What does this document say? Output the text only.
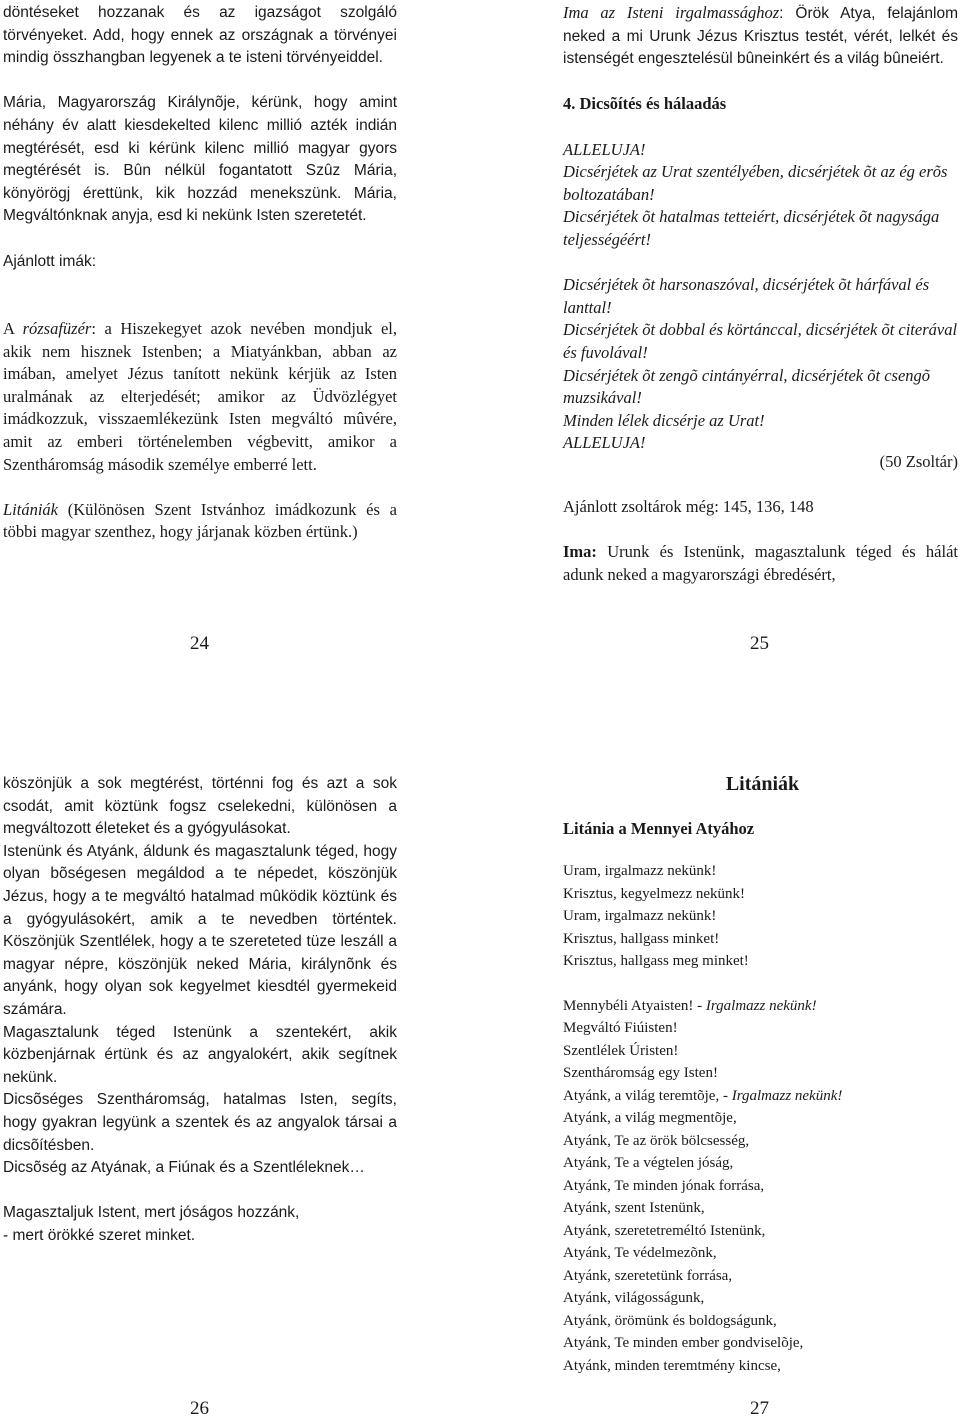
döntéseket hozzanak és az igazságot szolgáló törvényeket. Add, hogy ennek az országnak a törvényei mindig összhangban legyenek a te isteni törvényeiddel.

Mária, Magyarország Királynõje, kérünk, hogy amint néhány év alatt kiesdekelted kilenc millió azték indián megtérését, esd ki kérünk kilenc millió magyar gyors megtérését is. Bûn nélkül fogantatott Szûz Mária, könyörögj érettünk, kik hozzád menekszünk. Mária, Megváltónknak anyja, esd ki nekünk Isten szeretetét.

Ajánlott imák:

A rózsafüzér: a Hiszekegyet azok nevében mondjuk el, akik nem hisznek Istenben; a Miatyánkban, abban az imában, amelyet Jézus tanított nekünk kérjük az Isten uralmának az elterjedését; amikor az Üdvözlégyet imádkozzuk, visszaemlékezünk Isten megváltó mûvére, amit az emberi történelemben végbevitt, amikor a Szentháromság második személye emberré lett.

Litániák (Különösen Szent Istvánhoz imádkozunk és a többi magyar szenthez, hogy járjanak közben értünk.)

24

Ima az Isteni irgalmassághoz: Örök Atya, felajánlom neked a mi Urunk Jézus Krisztus testét, vérét, lelkét és istenségét engesztelésül bûneinkért és a világ bûneiért.

4. Dicsõítés és hálaadás

ALLELUJA!

Dicsérjétek az Urat szentélyében, dicsérjétek õt az ég erõs boltozatában!

Dicsérjétek õt hatalmas tetteiért, dicsérjétek õt nagysága teljességéért!

Dicsérjétek õt harsonaszóval, dicsérjétek õt hárfával és lanttal!

Dicsérjétek õt dobbal és körtánccal, dicsérjétek õt citerával és fuvolával!

Dicsérjétek õt zengõ cintányérral, dicsérjétek õt csengõ muzsikával!

Minden lélek dicsérje az Urat!

ALLELUJA!

(50 Zsoltár)

Ajánlott zsoltárok még: 145, 136, 148

Ima: Urunk és Istenünk, magasztalunk téged és hálát adunk neked a magyarországi ébredésért,

25

köszönjük a sok megtérést, történni fog és azt a sok csodát, amit köztünk fogsz cselekedni, különösen a megváltozott életeket és a gyógyulásokat.

Istenünk és Atyánk, áldunk és magasztalunk téged, hogy olyan bõségesen megáldod a te népedet, köszönjük Jézus, hogy a te megváltó hatalmad mûködik köztünk és a gyógyulásokért, amik a te nevedben történtek. Köszönjük Szentlélek, hogy a te szereteted tüze leszáll a magyar népre, köszönjük neked Mária, királynõnk és anyánk, hogy olyan sok kegyelmet kiesdtél gyermekeid számára.

Magasztalunk téged Istenünk a szentekért, akik közbenjárnak értünk és az angyalokért, akik segítnek nekünk.

Dicsõséges Szentháromság, hatalmas Isten, segíts, hogy gyakran legyünk a szentek és az angyalok társai a dicsõítésben.

Dicsõség az Atyának, a Fiúnak és a Szentléleknek…

Magasztaljuk Istent, mert jóságos hozzánk,

- mert örökké szeret minket.

26

Litániák

Litánia a Mennyei Atyához

Uram, irgalmazz nekünk!

Krisztus, kegyelmezz nekünk!

Uram, irgalmazz nekünk!

Krisztus, hallgass minket!

Krisztus, hallgass meg minket!

Mennybéli Atyaisten! - Irgalmazz nekünk!

Megváltó Fiúisten!

Szentlélek Úristen!

Szentháromság egy Isten!

Atyánk, a világ teremtõje, - Irgalmazz nekünk!

Atyánk, a világ megmentõje,

Atyánk, Te az örök bölcsesség,

Atyánk, Te a végtelen jóság,

Atyánk, Te minden jónak forrása,

Atyánk, szent Istenünk,

Atyánk, szeretetreméltó Istenünk,

Atyánk, Te védelmezõnk,

Atyánk, szeretetünk forrása,

Atyánk, világosságunk,

Atyánk, örömünk és boldogságunk,

Atyánk, Te minden ember gondviselõje,

Atyánk, minden teremtmény kincse,

27
